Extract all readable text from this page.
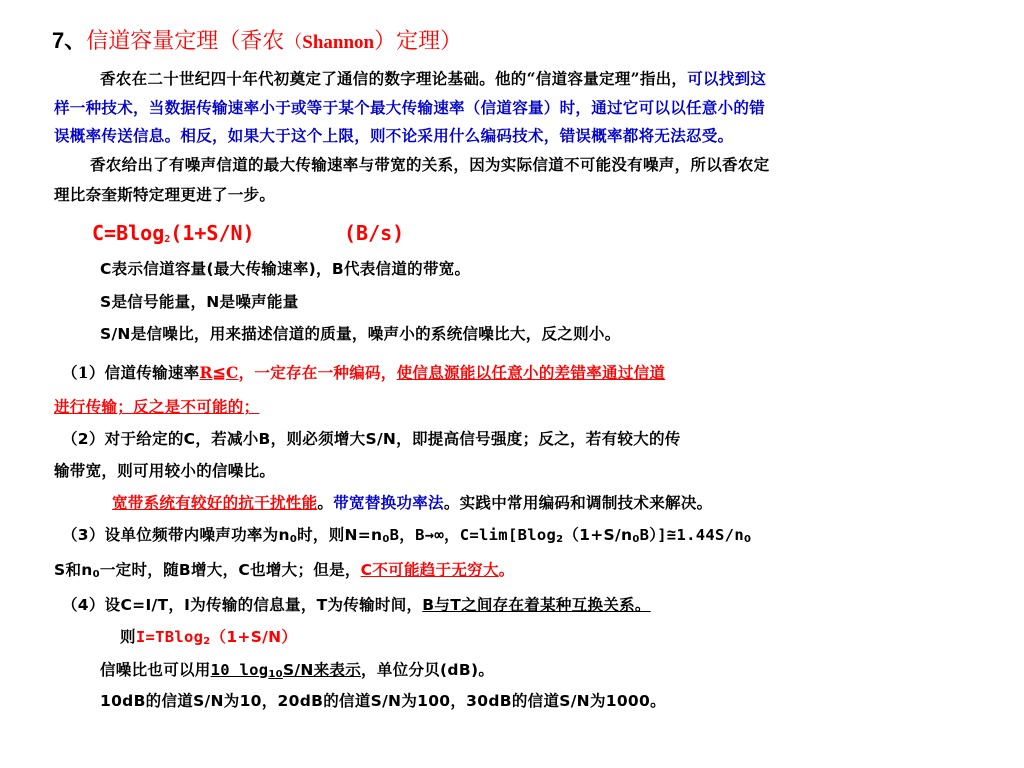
7、信道容量定理（香农（Shannon）定理）
香农在二十世纪四十年代初奠定了通信的数字理论基础。他的“信道容量定理”指出，可以找到这
样一种技术，当数据传输速率小于或等于某个最大传输速率（信道容量）时，通过它可以以任意小的错
误概率传送信息。相反，如果大于这个上限，则不论采用什么编码技术，错误概率都将无法忍受。
香农给出了有噪声信道的最大传输速率与带宽的关系，因为实际信道不可能没有噪声，所以香农定
理比奈奎斯特定理更进了一步。
C=Blog$_2$(1+S/N)	(B/s)
C表示信道容量(最大传输速率)，B代表信道的带宽。
S是信号能量，N是噪声能量
S/N是信噪比，用来描述信道的质量，噪声小的系统信噪比大，反之则小。
（1）信道传输速率R≦C，一定存在一种编码，使信息源能以任意小的差错率通过信道
进行传输；反之是不可能的；
（2）对于给定的C，若减小B，则必须增大S/N，即提高信号强度；反之，若有较大的传
输带宽，则可用较小的信噪比。
宽带系统有较好的抗干扰性能。带宽替换功率法。实践中常用编码和调制技术来解决。
（3）设单位频带内噪声功率为$n_0$时，则$N=n_0B$，B→∞，$C=\lim[Blog_2(1+S/n_0B)]≅1.44S/n_0$
S和$n_0$一定时，随B增大，C也增大；但是，C不可能趋于无穷大。
（4）设C=I/T，I为传输的信息量，T为传输时间，B与T之间存在着某种互换关系。
则I=TBlog$_2$（1+S/N）
信噪比也可以用10 $\log_{10}S/N$来表示，单位分贝(dB)。
10dB的信道S/N为10，20dB的信道S/N为100，30dB的信道S/N为1000。
